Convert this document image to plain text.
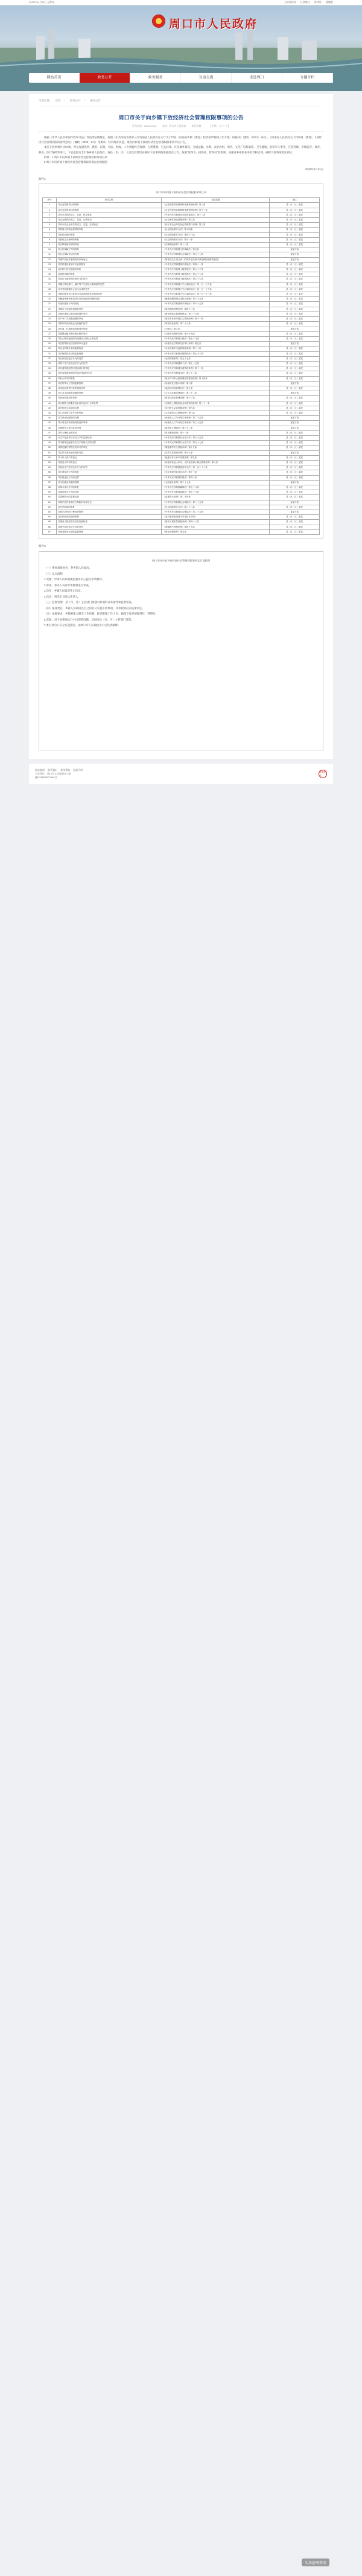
2022年04月22日 星期五	无障碍阅读 长者模式 简体版 繁體版
周口市人民政府
网站首页	政务公开	政务服务	互动交流	走进周口	专题专栏
当前位置： 首页 〉 政务公开 〉 通知公告
周口市关于向乡镇下放经济社会管理权限事项的公告
发布时间：2022-04-22 来源：周口市人民政府 浏览次数： 【字体：大 中 小】

根据《中华人民共和国行政许可法》等法律法规规定，按照《中共河南省委办公厅河南省人民政府办公厅关于印发〈河南省乡镇（街道）权责清单编制工作方案〉的通知》（豫办〔2021〕16号）、《河南省人民政府关于向乡镇（街道）下放经济社会管理权限的指导意见》（豫政〔2020〕8号）等要求，经市政府同意，现将向乡镇下放的经济社会管理权限事项予以公告。

本次下放事项共计67项，涉及发展改革、教育、民政、司法、财政、人力资源社会保障、自然资源、生态环境、住房城乡建设、交通运输、水利、农业农村、商务、文化广电和旅游、卫生健康、退役军人事务、应急管理、市场监管、体育、林业、医疗保障等部门，下放范围为全市各乡镇人民政府。各县（市、区）人民政府要切实做好下放事项的衔接落实工作，按照“放得下、接得住、管得好”的原则，加强对乡镇的业务指导和培训，确保下放事项落实到位。

附件：1.周口市向乡镇下放经济社会管理权限事项目录

2.周口市向乡镇下放经济社会管理权限事项运行流程图

2022年4月22日
附件1
周口市向乡镇下放经济社会管理权限事项目录
序号	事项名称	设定依据	备注
1	对企业投资项目的核准	《企业投资项目核准和备案管理条例》第三条	县（市、区）委托
2	对企业投资项目的备案	《企业投资项目核准和备案管理条例》第十三条	县（市、区）委托
3	对民办学校的设立、变更、终止审批	《中华人民共和国民办教育促进法》第十二条	县（市、区）委托
4	对社会团体的成立、变更、注销登记	《社会团体登记管理条例》第三条	县（市、区）委托
5	对民办非企业单位的成立、变更、注销登记	《民办非企业单位登记管理暂行条例》第三条	县（市、区）委托
6	对特困人员救助供养的审批	《社会救助暂行办法》第十四条	县（市、区）委托
7	对临时救助的审批	《社会救助暂行办法》第四十八条	县（市、区）委托
8	对最低生活保障的审批	《社会救助暂行办法》第十一条	县（市、区）委托
9	对法律援助申请的审查	《法律援助条例》第十八条	县（市、区）委托
10	对人民调解工作的指导	《中华人民共和国人民调解法》第五条	直接下放
11	对社会保险登记的办理	《中华人民共和国社会保险法》第五十七条	直接下放
12	对城乡居民养老保险的参保登记	《国务院关于建立统一的城乡居民基本养老保险制度的意见》	直接下放
13	对乡村建设规划许可证的核发	《中华人民共和国城乡规划法》第四十一条	县（市、区）委托
14	对农村村民宅基地的审批	《中华人民共和国土地管理法》第六十二条	县（市、区）委托
15	对临时用地的审批	《中华人民共和国土地管理法》第五十七条	县（市、区）委托
16	对违反土地管理法规行为的处罚	《中华人民共和国土地管理法》第七十七条	县（市、区）委托
17	对露天焚烧秸秆、落叶等产生烟尘污染物质的处罚	《中华人民共和国大气污染防治法》第一百一十九条	县（市、区）委托
18	对未采取措施防止扬尘污染的处罚	《中华人民共和国大气污染防治法》第一百一十五条	县（市、区）委托
19	对餐饮服务业经营者未安装油烟净化设施的处罚	《中华人民共和国大气污染防治法》第一百一十八条	县（市、区）委托
20	对畜禽养殖场未建设污染防治配套设施的处罚	《畜禽规模养殖污染防治条例》第三十九条	县（市、区）委托
21	对违法建设行为的查处	《中华人民共和国城乡规划法》第六十五条	县（市、区）委托
22	对擅自占用城市道路的处罚	《城市道路管理条例》第四十二条	县（市、区）委托
23	对城市建筑垃圾违规处置的处罚	《城市建筑垃圾管理规定》第二十六条	县（市、区）委托
24	对户外广告设施设置的审批	《城市市容和环境卫生管理条例》第十一条	县（市、区）委托
25	对损坏城市绿化及其设施的处罚	《城市绿化条例》第二十六条	县（市、区）委托
26	对乡道、村道的建设和养护管理	《公路法》第八条	直接下放
27	对超限运输车辆行驶公路的处罚	《公路安全保护条例》第六十四条	县（市、区）委托
28	对在公路用地范围内设置非公路标志的处罚	《中华人民共和国公路法》第七十九条	县（市、区）委托
29	对农村集体经济组织的审计监督	《河南省农村集体经济审计条例》第五条	直接下放
30	对农业机械安全的监督检查	《农业机械安全监督管理条例》第三十条	县（市、区）委托
31	对动物防疫活动的监督管理	《中华人民共和国动物防疫法》第七十三条	县（市、区）委托
32	对农药经营违法行为的处罚	《农药管理条例》第五十七条	县（市、区）委托
33	对种子生产经营违法行为的处罚	《中华人民共和国种子法》第七十五条	县（市、区）委托
34	对河道管理范围内建设项目的审批	《中华人民共和国河道管理条例》第十一条	县（市、区）委托
35	对在河道管理范围内违法采砂的处罚	《中华人民共和国水法》第七十二条	县（市、区）委托
36	对取水许可的审批	《取水许可和水资源费征收管理条例》第十四条	县（市、区）委托
37	对农村供水工程的监督管理	《河南省农村供水条例》第六条	直接下放
38	对成品油零售经营资格的初审	《成品油市场管理办法》第九条	县（市、区）委托
39	对公共文化服务设施的管理	《公共文化服务保障法》第三十二条	直接下放
40	对营业性演出的审批	《营业性演出管理条例》第十三条	县（市、区）委托
41	对互联网上网服务营业场所违法行为的处罚	《互联网上网服务营业场所管理条例》第三十一条	县（市、区）委托
42	对乡村医生执业的注册	《乡村医生从业管理条例》第九条	县（市、区）委托
43	对公共场所卫生许可的审批	《公共场所卫生管理条例》第八条	县（市、区）委托
44	对生育登记服务的办理	《河南省人口与计划生育条例》第二十五条	直接下放
45	对计划生育家庭特别扶助的审核	《河南省人口与计划生育条例》第三十五条	直接下放
46	对退役军人优待证的申领	《退役军人保障法》第六十二条	直接下放
47	对烈士褒扬金的发放	《烈士褒扬条例》第十一条	县（市、区）委托
48	对生产经营单位安全生产的监督检查	《中华人民共和国安全生产法》第六十五条	县（市、区）委托
49	对未按规定配备安全生产管理人员的处罚	《中华人民共和国安全生产法》第九十七条	县（市、区）委托
50	对烟花爆竹零售经营许可的审批	《烟花爆竹安全管理条例》第十九条	县（市、区）委托
51	对自然灾害救助款物的发放	《自然灾害救助条例》第十九条	直接下放
52	对个体工商户的登记	《促进个体工商户发展条例》第九条	县（市、区）委托
53	对食品小作坊的登记	《河南省食品小作坊、小经营店和小摊点管理条例》第八条	县（市、区）委托
54	对食品生产经营违法行为的处罚	《中华人民共和国食品安全法》第一百二十二条	县（市、区）委托
55	对无照经营行为的查处	《无证无照经营查处办法》第十三条	县（市、区）委托
56	对价格违法行为的处罚	《中华人民共和国价格法》第四十条	县（市、区）委托
57	对全民健身设施的管理	《全民健身条例》第二十七条	直接下放
58	对林木采伐许可的审批	《中华人民共和国森林法》第五十六条	县（市、区）委托
59	对滥伐林木行为的处罚	《中华人民共和国森林法》第七十六条	县（市、区）委托
60	对森林防火的监督检查	《森林防火条例》第二十四条	县（市、区）委托
61	对城乡居民基本医疗保险的参保登记	《中华人民共和国社会保险法》第二十五条	直接下放
62	对医疗救助的审批	《社会救助暂行办法》第二十八条	县（市、区）委托
63	对城乡居民医疗费用的报销	《中华人民共和国社会保险法》第二十九条	直接下放
64	对农村危房改造的审核	《农村危房改造基本安全技术导则》	县（市、区）委托
65	对建设工程质量安全的监督检查	《建设工程质量管理条例》第四十三条	县（市、区）委托
66	对燃气经营违法行为的处罚	《城镇燃气管理条例》第四十五条	县（市、区）委托
67	对物业服务企业的监督管理	《物业管理条例》第五条	县（市、区）委托
附件2
周口市向乡镇下放经济社会管理权限事项运行流程图

（一）事项承接单位：各乡镇人民政府。

（二）运行流程：

1.受理：申请人向乡镇便民服务中心提交申请材料。

2.审查：承办人员对申请材料进行审查。

3.决定：乡镇人民政府作出决定。

4.送达：将决定书送达申请人。

（三）监督管理：县（市、区）主管部门加强对乡镇的业务指导和监督检查。

（四）法律责任：乡镇人民政府以自己的名义实施下放事项，并承担相应的法律责任。

（五）承接要求：乡镇要建立健全工作机制，配齐配强工作人员，确保下放事项接得住、管得好。

6.其他：对下放事项运行中出现的问题，及时向县（市、区）主管部门反馈。

7.本目录自公布之日起施行，由周口市人民政府办公室负责解释。

网站地图 联系我们 使用帮助 隐私声明
主办单位：周口市人民政府办公室
豫ICP备05007656号
党政机关
头条@观察易
